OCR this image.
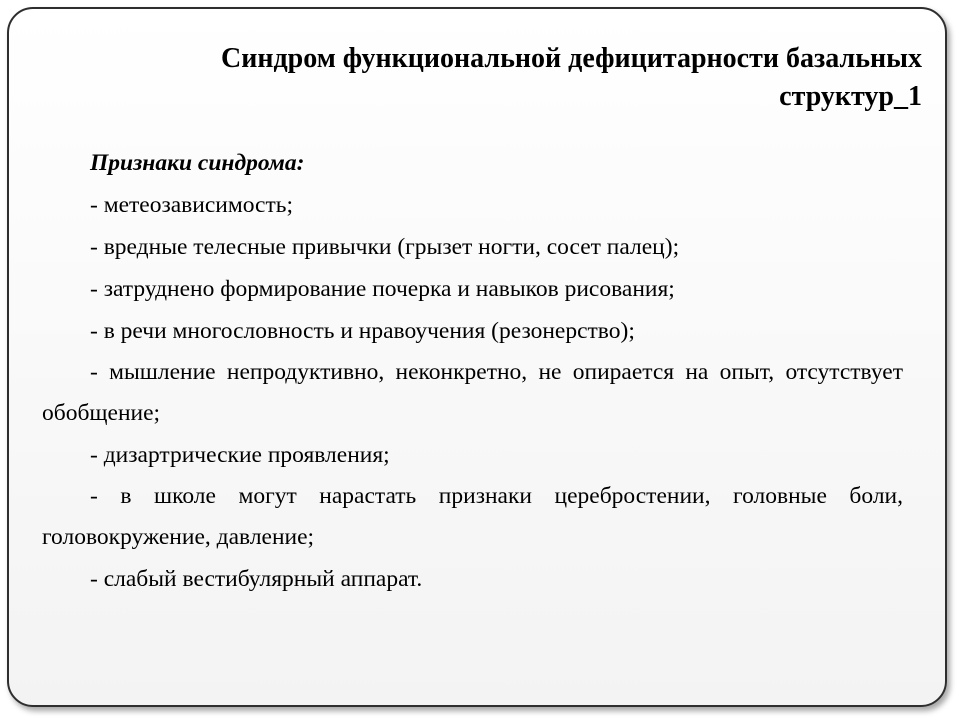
Синдром функциональной дефицитарности базальных
структур_1

Признаки синдрома:

- метеозависимость;
- вредные телесные привычки (грызет ногти, сосет палец);
- затруднено формирование почерка и навыков рисования;
- в речи многословность и нравоучения (резонерство);
- мышление непродуктивно, неконкретно, не опирается на опыт, отсутствует обобщение;
- дизартрические проявления;
- в школе могут нарастать признаки церебростении, головные боли, головокружение, давление;
- слабый вестибулярный аппарат.
